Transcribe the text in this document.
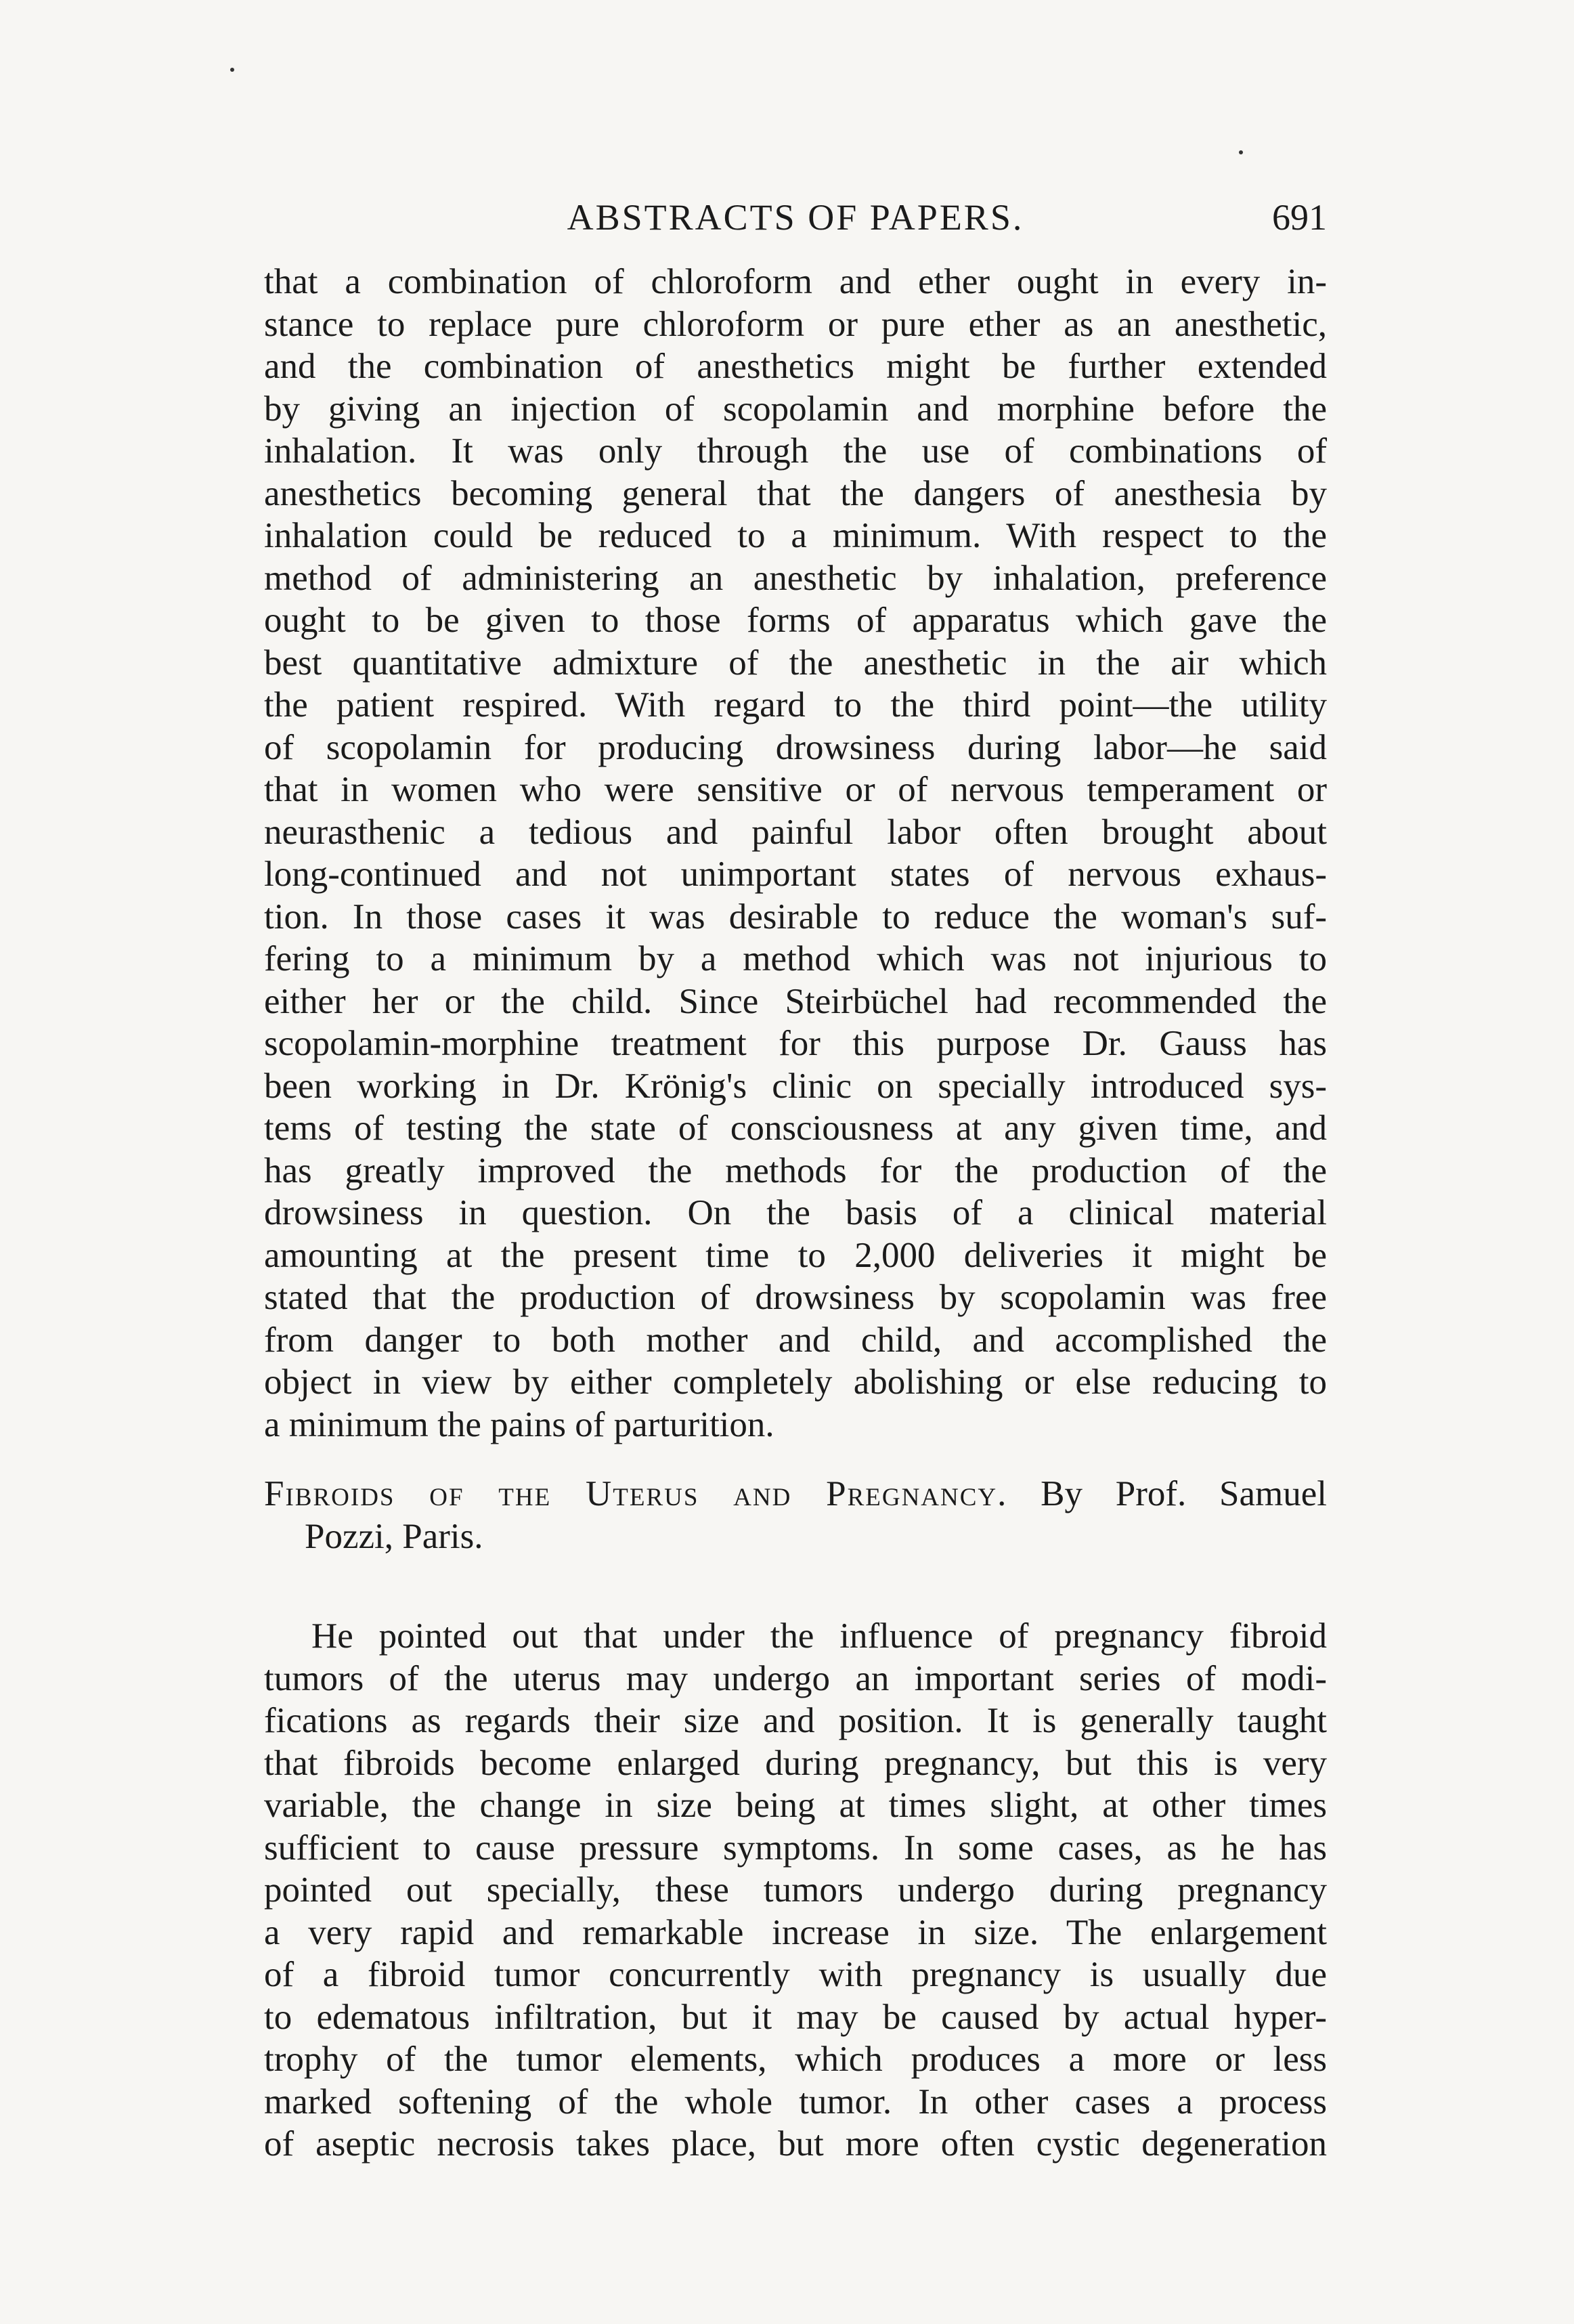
ABSTRACTS OF PAPERS.	691
that a combination of chloroform and ether ought in every in-
stance to replace pure chloroform or pure ether as an anesthetic,
and the combination of anesthetics might be further extended
by giving an injection of scopolamin and morphine before the
inhalation. It was only through the use of combinations of
anesthetics becoming general that the dangers of anesthesia by
inhalation could be reduced to a minimum. With respect to the
method of administering an anesthetic by inhalation, preference
ought to be given to those forms of apparatus which gave the
best quantitative admixture of the anesthetic in the air which
the patient respired. With regard to the third point—the utility
of scopolamin for producing drowsiness during labor—he said
that in women who were sensitive or of nervous temperament or
neurasthenic a tedious and painful labor often brought about
long-continued and not unimportant states of nervous exhaus-
tion. In those cases it was desirable to reduce the woman's suf-
fering to a minimum by a method which was not injurious to
either her or the child. Since Steirbüchel had recommended the
scopolamin-morphine treatment for this purpose Dr. Gauss has
been working in Dr. Krönig's clinic on specially introduced sys-
tems of testing the state of consciousness at any given time, and
has greatly improved the methods for the production of the
drowsiness in question. On the basis of a clinical material
amounting at the present time to 2,000 deliveries it might be
stated that the production of drowsiness by scopolamin was free
from danger to both mother and child, and accomplished the
object in view by either completely abolishing or else reducing to
a minimum the pains of parturition.
Fibroids of the Uterus and Pregnancy. By Prof. Samuel
Pozzi, Paris.
He pointed out that under the influence of pregnancy fibroid
tumors of the uterus may undergo an important series of modi-
fications as regards their size and position. It is generally taught
that fibroids become enlarged during pregnancy, but this is very
variable, the change in size being at times slight, at other times
sufficient to cause pressure symptoms. In some cases, as he has
pointed out specially, these tumors undergo during pregnancy
a very rapid and remarkable increase in size. The enlargement
of a fibroid tumor concurrently with pregnancy is usually due
to edematous infiltration, but it may be caused by actual hyper-
trophy of the tumor elements, which produces a more or less
marked softening of the whole tumor. In other cases a process
of aseptic necrosis takes place, but more often cystic degeneration
